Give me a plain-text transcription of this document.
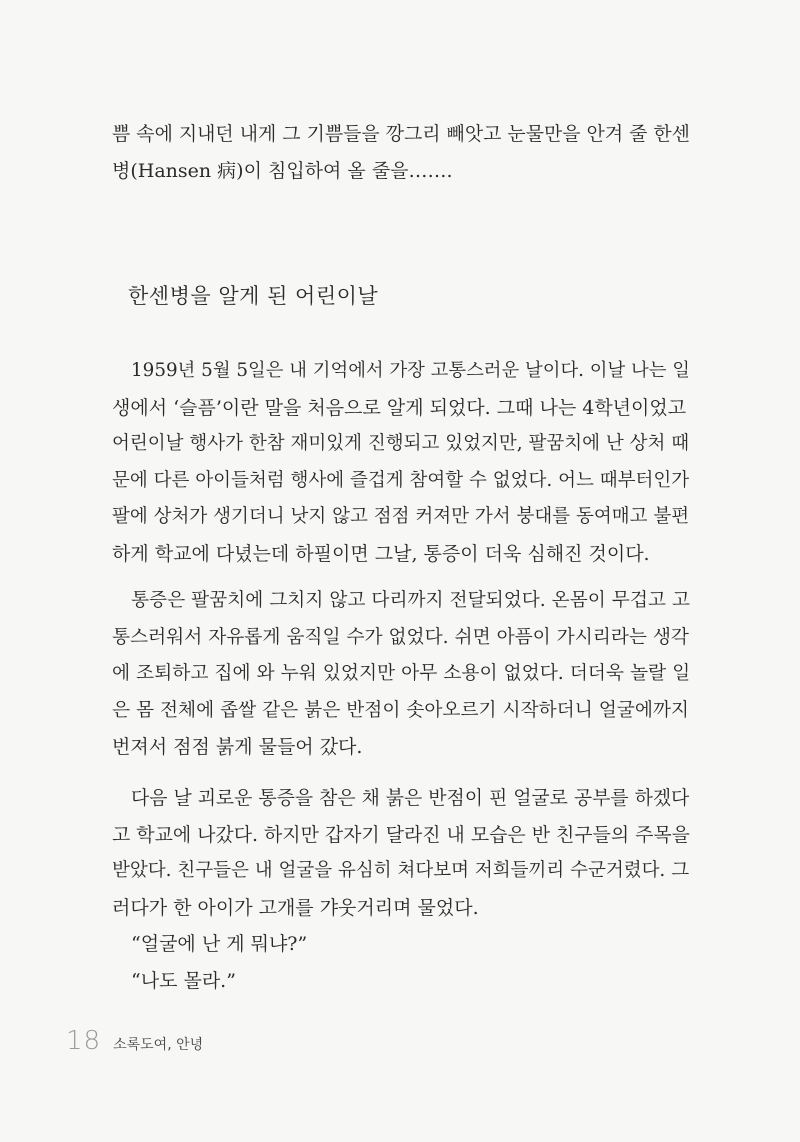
쁨 속에 지내던 내게 그 기쁨들을 깡그리 빼앗고 눈물만을 안겨 줄 한센
병(Hansen 病)이 침입하여 올 줄을…….

한센병을 알게 된 어린이날

1959년 5월 5일은 내 기억에서 가장 고통스러운 날이다. 이날 나는 일
생에서 ‘슬픔’이란 말을 처음으로 알게 되었다. 그때 나는 4학년이었고
어린이날 행사가 한참 재미있게 진행되고 있었지만, 팔꿈치에 난 상처 때
문에 다른 아이들처럼 행사에 즐겁게 참여할 수 없었다. 어느 때부터인가
팔에 상처가 생기더니 낫지 않고 점점 커져만 가서 붕대를 동여매고 불편
하게 학교에 다녔는데 하필이면 그날, 통증이 더욱 심해진 것이다.

통증은 팔꿈치에 그치지 않고 다리까지 전달되었다. 온몸이 무겁고 고
통스러워서 자유롭게 움직일 수가 없었다. 쉬면 아픔이 가시리라는 생각
에 조퇴하고 집에 와 누워 있었지만 아무 소용이 없었다. 더더욱 놀랄 일
은 몸 전체에 좁쌀 같은 붉은 반점이 솟아오르기 시작하더니 얼굴에까지
번져서 점점 붉게 물들어 갔다.

다음 날 괴로운 통증을 참은 채 붉은 반점이 핀 얼굴로 공부를 하겠다
고 학교에 나갔다. 하지만 갑자기 달라진 내 모습은 반 친구들의 주목을
받았다. 친구들은 내 얼굴을 유심히 쳐다보며 저희들끼리 수군거렸다. 그
러다가 한 아이가 고개를 갸웃거리며 물었다.

“얼굴에 난 게 뭐냐?”

“나도 몰라.”

18 소록도여, 안녕
